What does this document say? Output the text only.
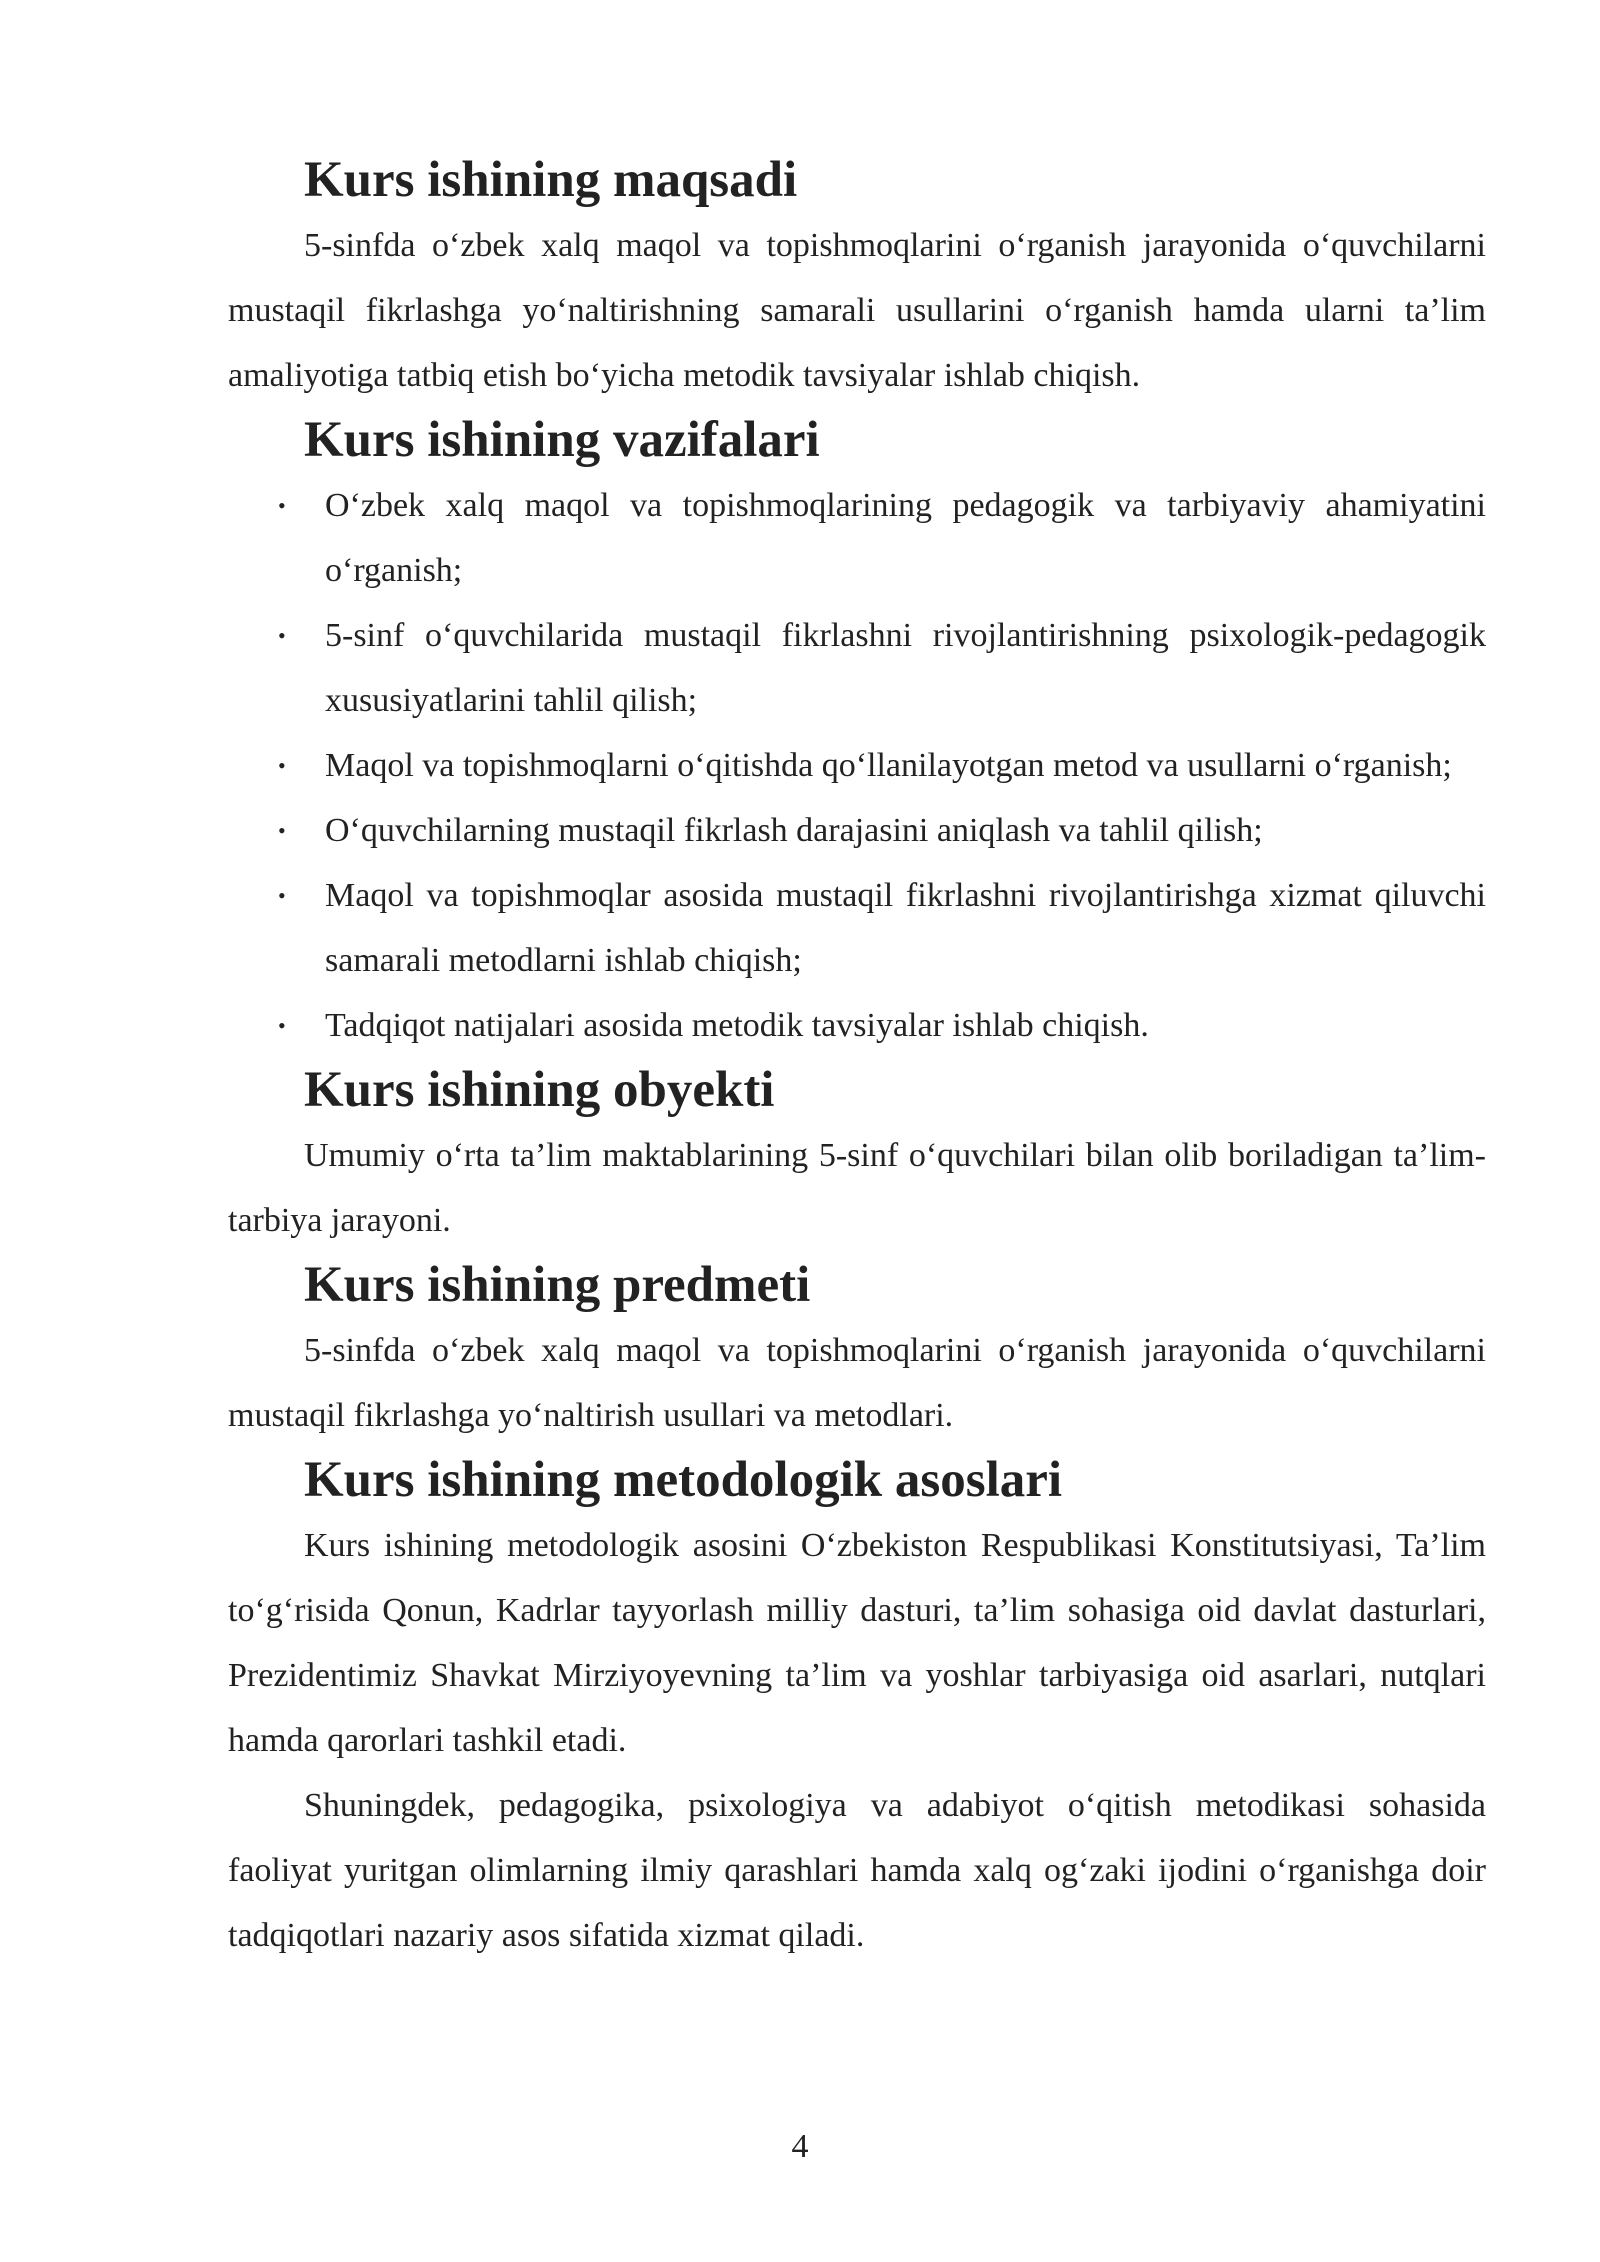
Kurs ishining maqsadi

5-sinfda o‘zbek xalq maqol va topishmoqlarini o‘rganish jarayonida o‘quvchilarni mustaqil fikrlashga yo‘naltirishning samarali usullarini o‘rganish hamda ularni ta’lim amaliyotiga tatbiq etish bo‘yicha metodik tavsiyalar ishlab chiqish.

Kurs ishining vazifalari
• O‘zbek xalq maqol va topishmoqlarining pedagogik va tarbiyaviy ahamiyatini o‘rganish;
• 5-sinf o‘quvchilarida mustaqil fikrlashni rivojlantirishning psixologik-pedagogik xususiyatlarini tahlil qilish;
• Maqol va topishmoqlarni o‘qitishda qo‘llanilayotgan metod va usullarni o‘rganish;
• O‘quvchilarning mustaqil fikrlash darajasini aniqlash va tahlil qilish;
• Maqol va topishmoqlar asosida mustaqil fikrlashni rivojlantirishga xizmat qiluvchi samarali metodlarni ishlab chiqish;
• Tadqiqot natijalari asosida metodik tavsiyalar ishlab chiqish.
Kurs ishining obyekti

Umumiy o‘rta ta’lim maktablarining 5-sinf o‘quvchilari bilan olib boriladigan ta’lim-tarbiya jarayoni.

Kurs ishining predmeti

5-sinfda o‘zbek xalq maqol va topishmoqlarini o‘rganish jarayonida o‘quvchilarni mustaqil fikrlashga yo‘naltirish usullari va metodlari.

Kurs ishining metodologik asoslari

Kurs ishining metodologik asosini O‘zbekiston Respublikasi Konstitutsiyasi, Ta’lim to‘g‘risida Qonun, Kadrlar tayyorlash milliy dasturi, ta’lim sohasiga oid davlat dasturlari, Prezidentimiz Shavkat Mirziyoyevning ta’lim va yoshlar tarbiyasiga oid asarlari, nutqlari hamda qarorlari tashkil etadi.

Shuningdek, pedagogika, psixologiya va adabiyot o‘qitish metodikasi sohasida faoliyat yuritgan olimlarning ilmiy qarashlari hamda xalq og‘zaki ijodini o‘rganishga doir tadqiqotlari nazariy asos sifatida xizmat qiladi.

4
